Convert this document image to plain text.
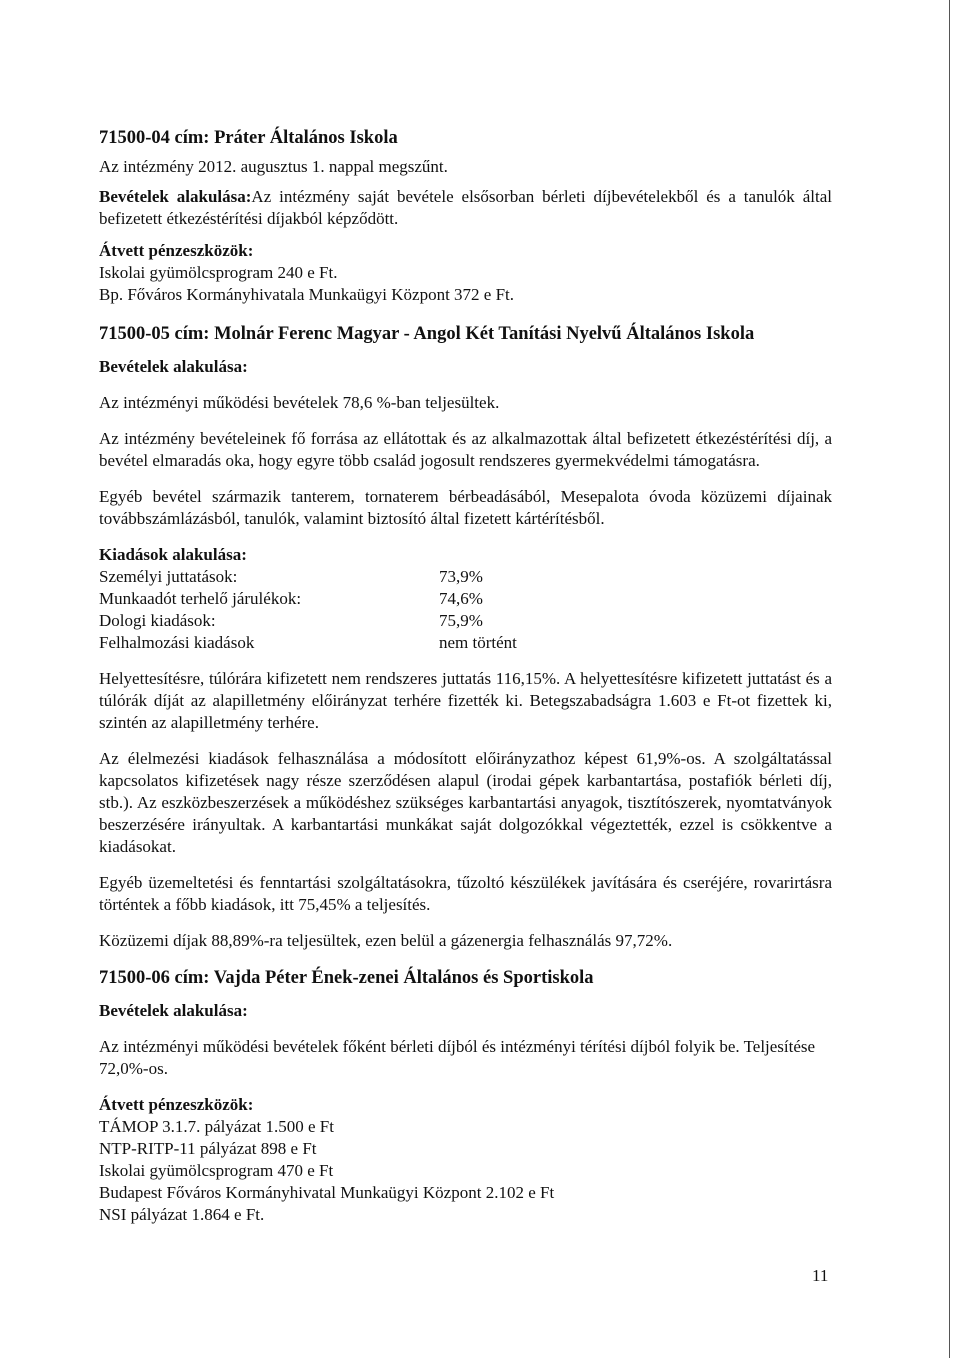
71500-04 cím: Práter Általános Iskola

Az intézmény 2012. augusztus 1. nappal megszűnt.

Bevételek alakulása:Az intézmény saját bevétele elsősorban bérleti díjbevételekből és a tanulók által befizetett étkezéstérítési díjakból képződött.

Átvett pénzeszközök:
Iskolai gyümölcsprogram 240 e Ft.
Bp. Főváros Kormányhivatala Munkaügyi Központ 372 e Ft.
71500-05 cím: Molnár Ferenc Magyar - Angol Két Tanítási Nyelvű Általános Iskola
Bevételek alakulása:

Az intézményi működési bevételek 78,6 %-ban teljesültek.

Az intézmény bevételeinek fő forrása az ellátottak és az alkalmazottak által befizetett étkezéstérítési díj, a bevétel elmaradás oka, hogy egyre több család jogosult rendszeres gyermekvédelmi támogatásra.

Egyéb bevétel származik tanterem, tornaterem bérbeadásából, Mesepalota óvoda közüzemi díjainak továbbszámlázásból, tanulók, valamint biztosító által fizetett kártérítésből.

Kiadások alakulása:
Személyi juttatások:	73,9%
Munkaadót terhelő járulékok:	74,6%
Dologi kiadások:	75,9%
Felhalmozási kiadások	nem történt

Helyettesítésre, túlórára kifizetett nem rendszeres juttatás 116,15%. A helyettesítésre kifizetett juttatást és a túlórák díját az alapilletmény előirányzat terhére fizették ki. Betegszabadságra 1.603 e Ft-ot fizettek ki, szintén az alapilletmény terhére.

Az élelmezési kiadások felhasználása a módosított előirányzathoz képest 61,9%-os. A szolgáltatással kapcsolatos kifizetések nagy része szerződésen alapul (irodai gépek karbantartása, postafiók bérleti díj, stb.). Az eszközbeszerzések a működéshez szükséges karbantartási anyagok, tisztítószerek, nyomtatványok beszerzésére irányultak. A karbantartási munkákat saját dolgozókkal végeztették, ezzel is csökkentve a kiadásokat.

Egyéb üzemeltetési és fenntartási szolgáltatásokra, tűzoltó készülékek javítására és cseréjére, rovarirtásra történtek a főbb kiadások, itt 75,45% a teljesítés.

Közüzemi díjak 88,89%-ra teljesültek, ezen belül a gázenergia felhasználás 97,72%.

71500-06 cím: Vajda Péter Ének-zenei Általános és Sportiskola
Bevételek alakulása:

Az intézményi működési bevételek főként bérleti díjból és intézményi térítési díjból folyik be. Teljesítése 72,0%-os.

Átvett pénzeszközök:
TÁMOP 3.1.7. pályázat 1.500 e Ft
NTP-RITP-11 pályázat 898 e Ft
Iskolai gyümölcsprogram 470 e Ft
Budapest Főváros Kormányhivatal Munkaügyi Központ 2.102 e Ft
NSI pályázat 1.864 e Ft.
11
